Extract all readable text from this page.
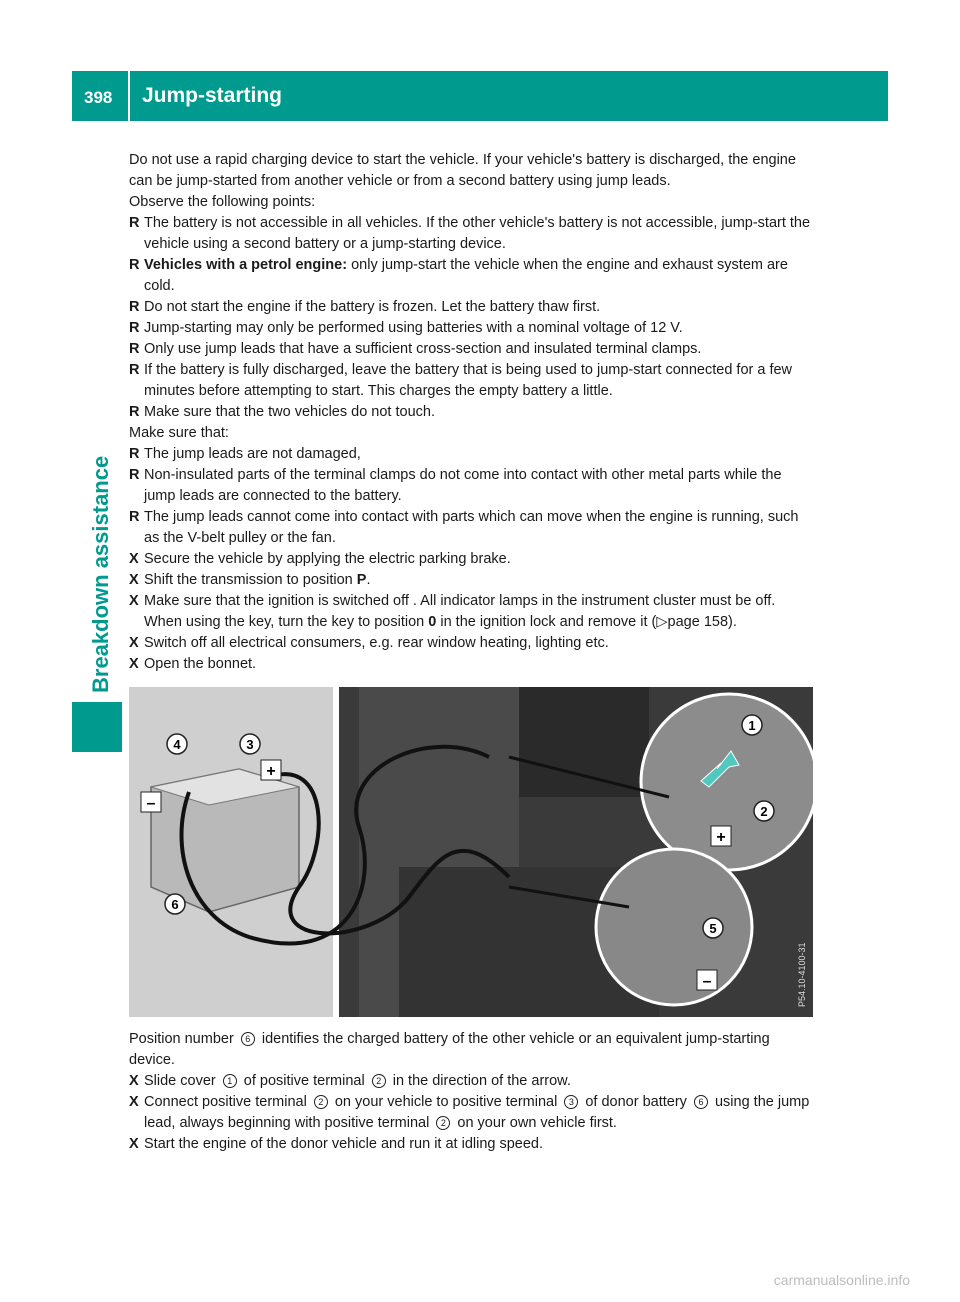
398 Jump-starting
Breakdown assistance

Do not use a rapid charging device to start the vehicle. If your vehicle's battery is discharged, the engine can be jump-started from another vehicle or from a second battery using jump leads.

Observe the following points:

R The battery is not accessible in all vehicles. If the other vehicle's battery is not accessible, jump-start the vehicle using a second battery or a jump-starting device.

R Vehicles with a petrol engine: only jump-start the vehicle when the engine and exhaust system are cold.

R Do not start the engine if the battery is frozen. Let the battery thaw first.

R Jump-starting may only be performed using batteries with a nominal voltage of 12 V.

R Only use jump leads that have a sufficient cross-section and insulated terminal clamps.

R If the battery is fully discharged, leave the battery that is being used to jump-start connected for a few minutes before attempting to start. This charges the empty battery a little.

R Make sure that the two vehicles do not touch.

Make sure that:

R The jump leads are not damaged,

R Non-insulated parts of the terminal clamps do not come into contact with other metal parts while the jump leads are connected to the battery.

R The jump leads cannot come into contact with parts which can move when the engine is running, such as the V-belt pulley or the fan.

X Secure the vehicle by applying the electric parking brake.

X Shift the transmission to position P.

X Make sure that the ignition is switched off . All indicator lamps in the instrument cluster must be off. When using the key, turn the key to position 0 in the ignition lock and remove it (▷page 158).

X Switch off all electrical consumers, e.g. rear window heating, lighting etc.

X Open the bonnet.

4	3
6
1
2
5
+
–
+
–	P54.10-4100-31

Position number 6 identifies the charged battery of the other vehicle or an equivalent jump-starting device.

X Slide cover 1 of positive terminal 2 in the direction of the arrow.

X Connect positive terminal 2 on your vehicle to positive terminal 3 of donor battery 6 using the jump lead, always beginning with positive terminal 2 on your own vehicle first.

X Start the engine of the donor vehicle and run it at idling speed.

carmanualsonline.info
